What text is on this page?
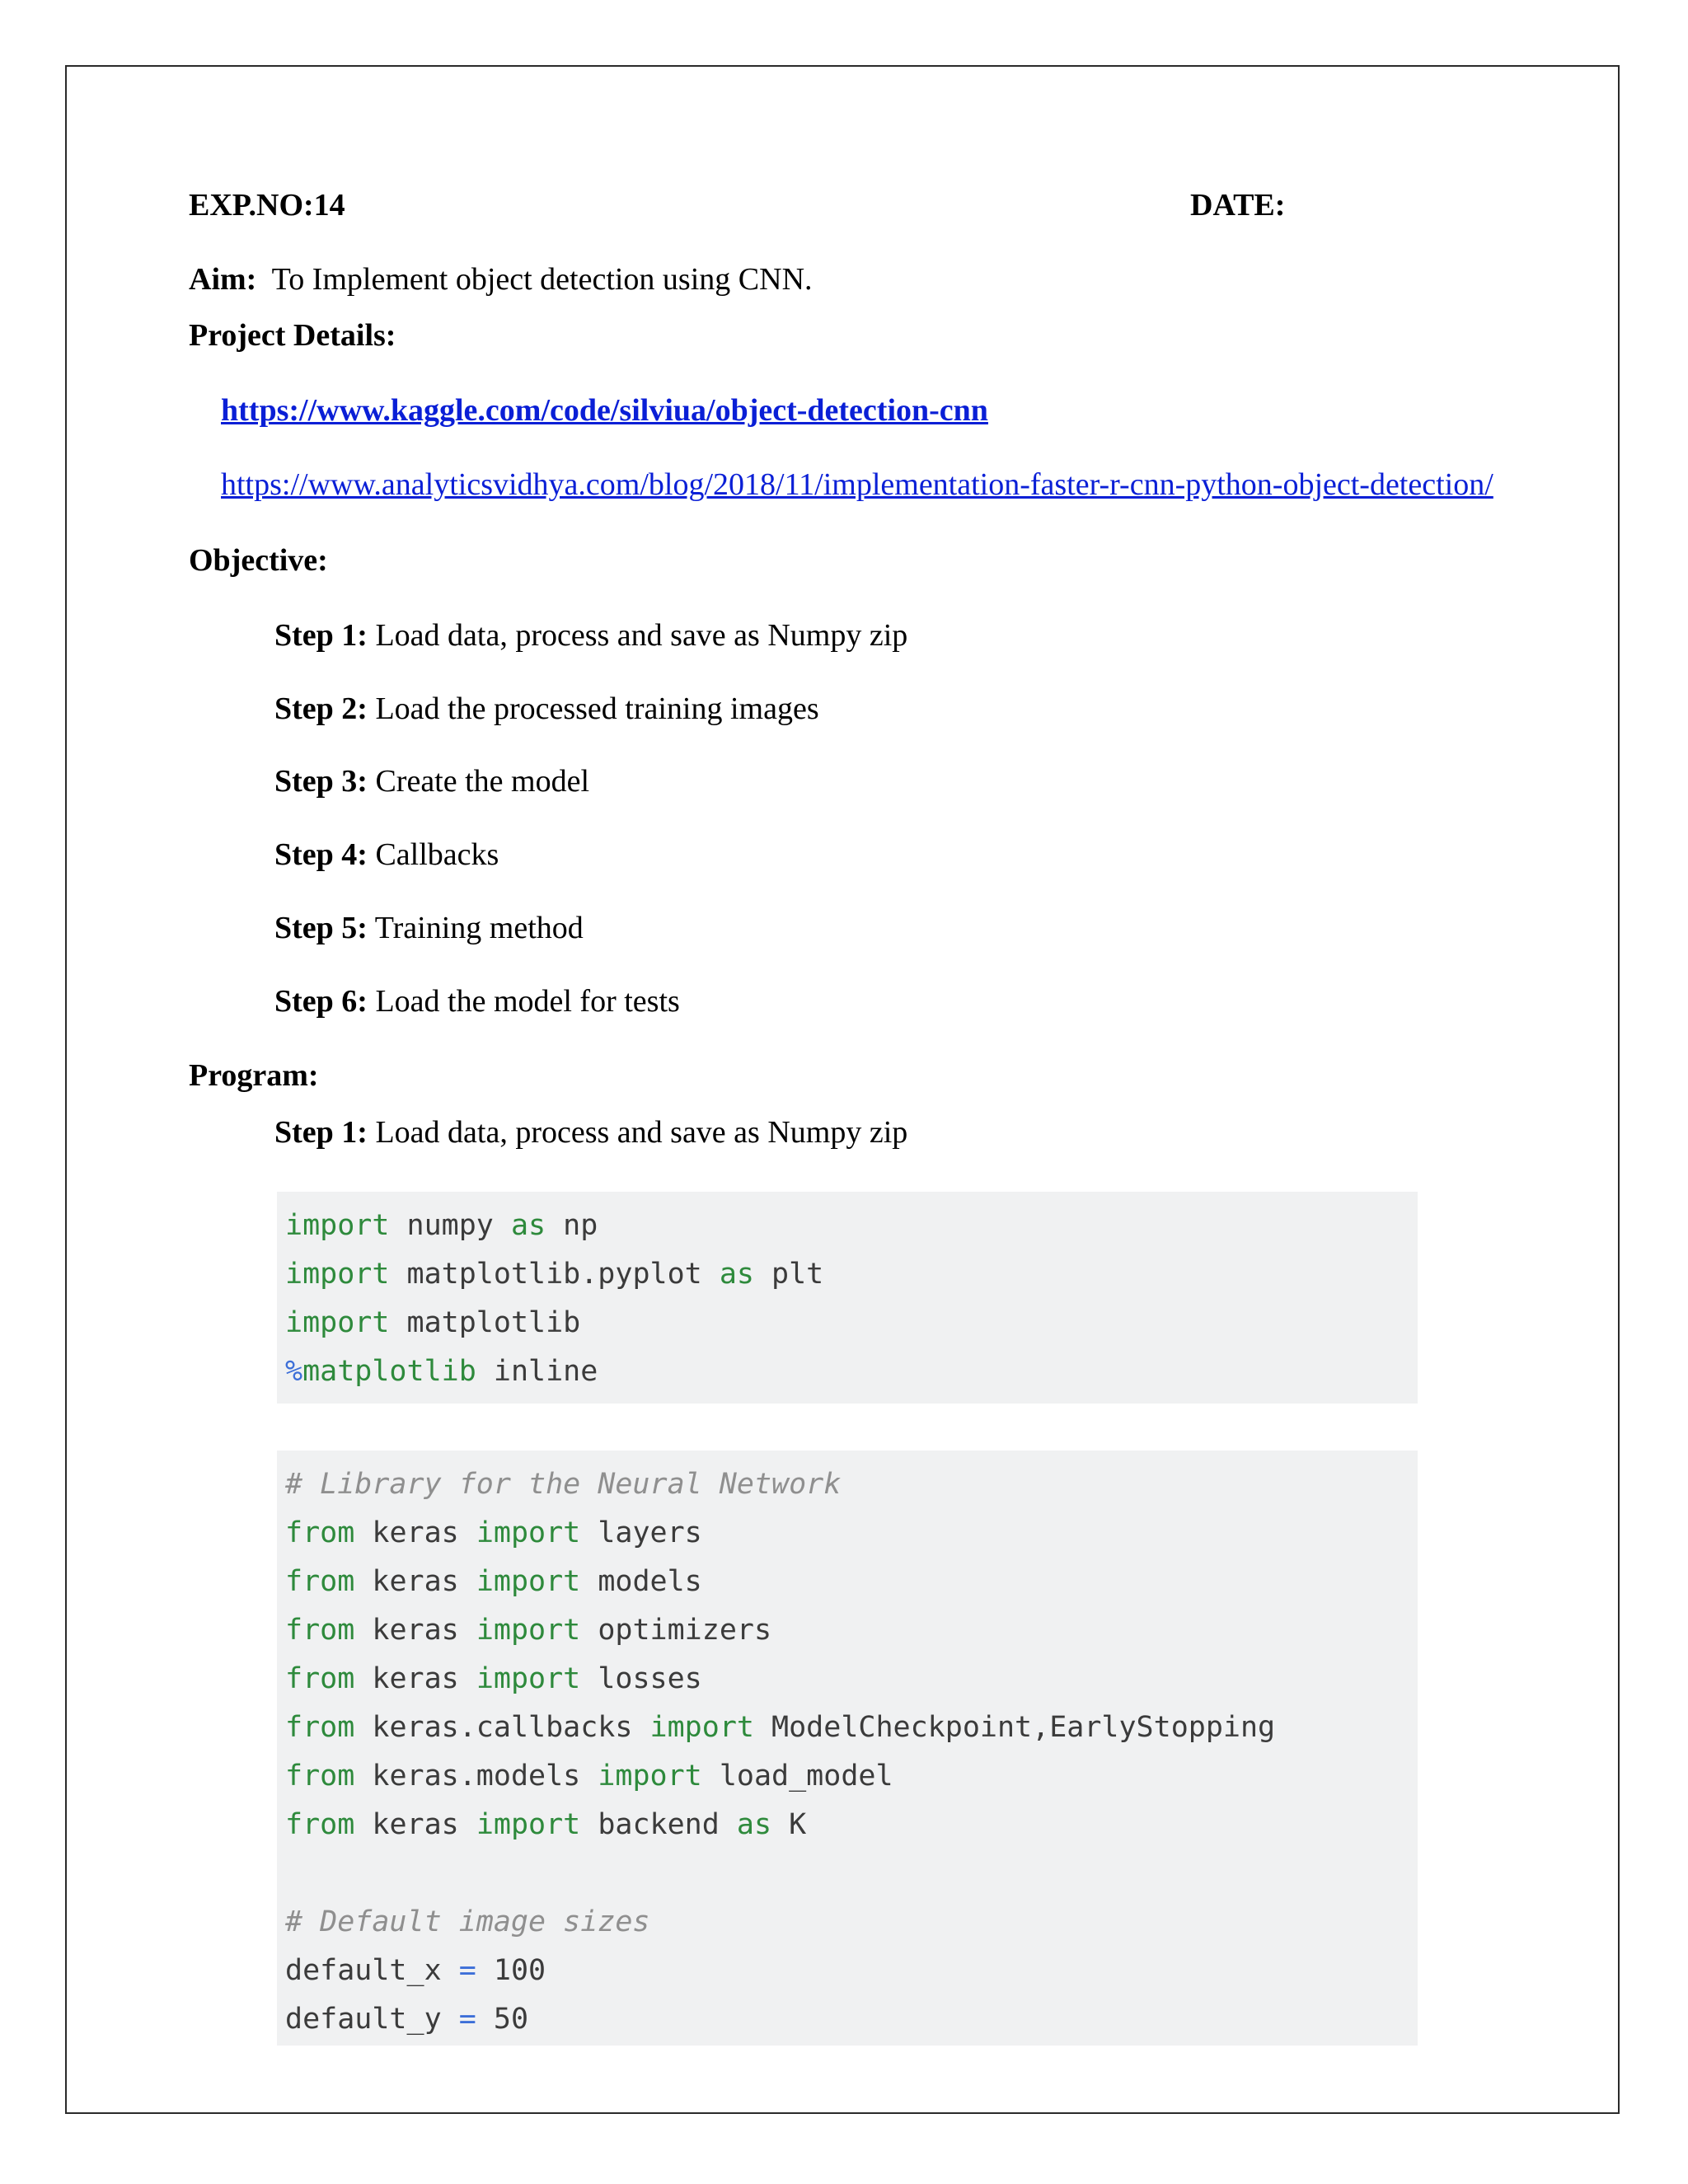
EXP.NO:14	DATE:
Aim: To Implement object detection using CNN.
Project Details:
https://www.kaggle.com/code/silviua/object-detection-cnn
https://www.analyticsvidhya.com/blog/2018/11/implementation-faster-r-cnn-python-object-detection/
Objective:
Step 1: Load data, process and save as Numpy zip
Step 2: Load the processed training images
Step 3: Create the model
Step 4: Callbacks
Step 5: Training method
Step 6: Load the model for tests
Program:
Step 1: Load data, process and save as Numpy zip
import numpy as np
import matplotlib.pyplot as plt
import matplotlib
%matplotlib inline
# Library for the Neural Network
from keras import layers
from keras import models
from keras import optimizers
from keras import losses
from keras.callbacks import ModelCheckpoint,EarlyStopping
from keras.models import load_model
from keras import backend as K

# Default image sizes
default_x = 100
default_y = 50
